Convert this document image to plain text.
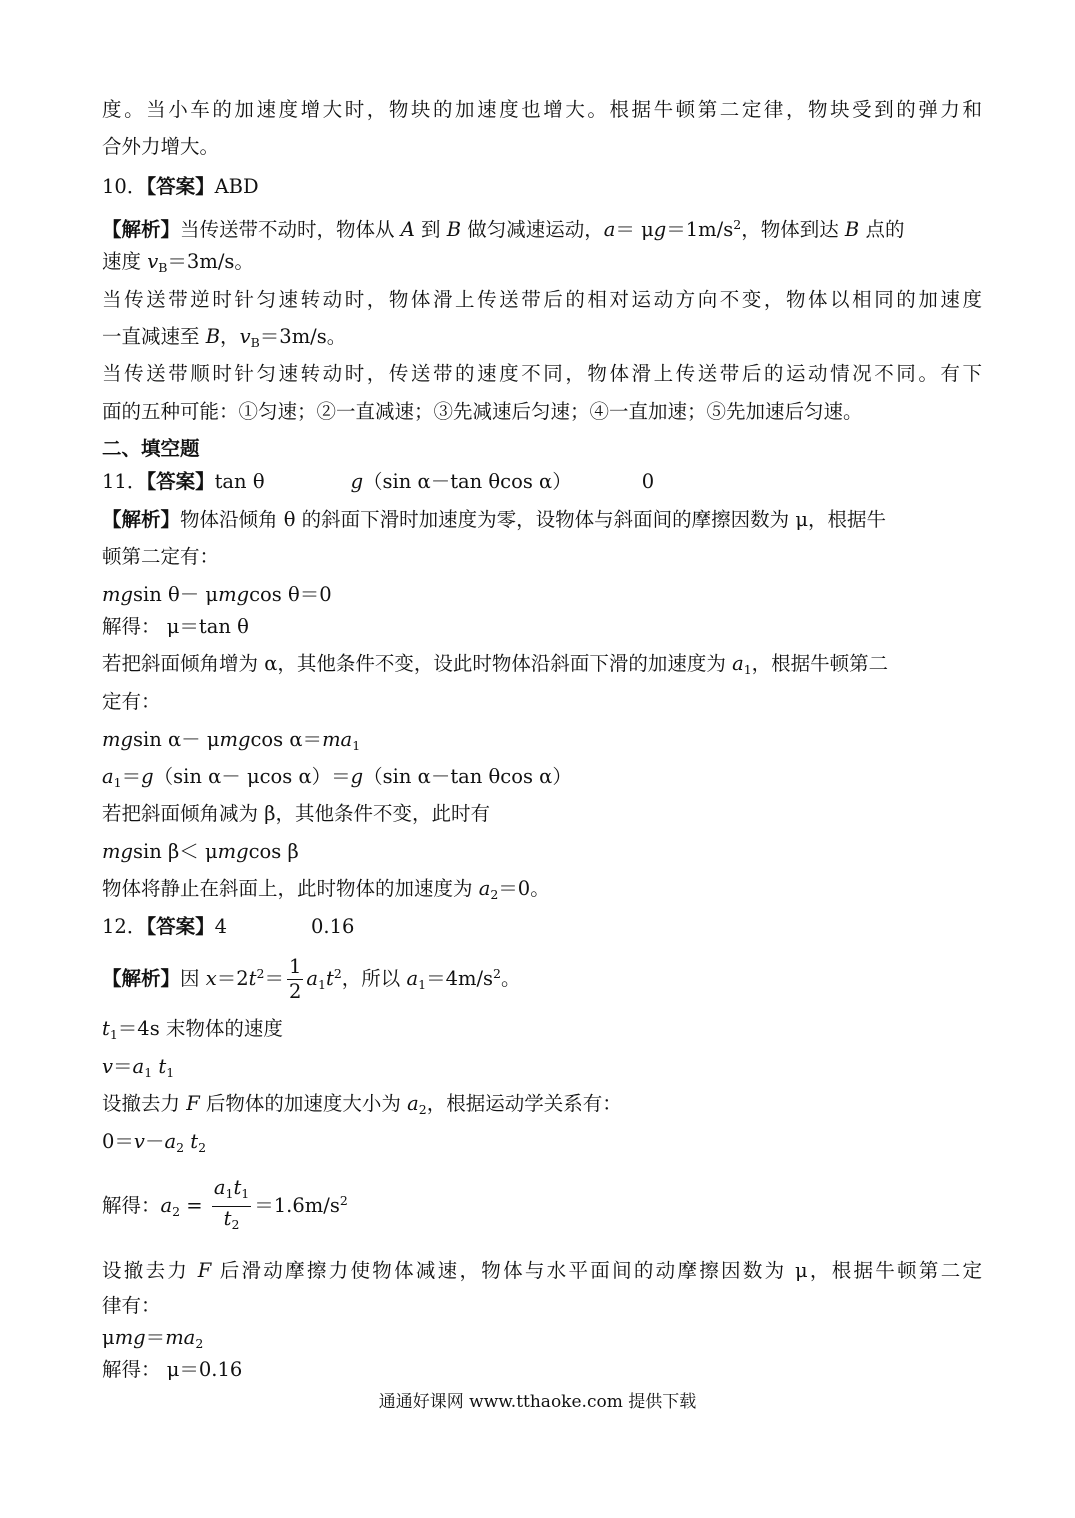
度。当小车的加速度增大时，物块的加速度也增大。根据牛顿第二定律，物块受到的弹力和
合外力增大。
10．【答案】ABD
【解析】当传送带不动时，物体从 A 到 B 做匀减速运动，$a= \mu g=1m/s^2$，物体到达 B 点的
速度 $v_B=3m/s$。
当传送带逆时针匀速转动时，物体滑上传送带后的相对运动方向不变，物体以相同的加速度
一直减速至 B，$v_B=3m/s$。
当传送带顺时针匀速转动时，传送带的速度不同，物体滑上传送带后的运动情况不同。有下
面的五种可能：①匀速；②一直减速；③先减速后匀速；④一直加速；⑤先加速后匀速。
二、填空题
11．【答案】tan θ	g（sin α－tan θcos α）	0
【解析】物体沿倾角 θ 的斜面下滑时加速度为零，设物体与斜面间的摩擦因数为 μ，根据牛
顿第二定有：
mgsin θ－ μmgcos θ＝0
解得： μ＝tan θ
若把斜面倾角增为 α，其他条件不变，设此时物体沿斜面下滑的加速度为 $a_1$，根据牛顿第二
定有：
mgsin α－ μmgcos $\alpha=ma_1$
$a_1=g(\sin$ α－ μcos α）＝g（sin α－tan θcos α）
若把斜面倾角减为 β，其他条件不变，此时有
mgsin β＜ μmgcos β
物体将静止在斜面上，此时物体的加速度为 $a_2=0$。
12．【答案】4	0.16
【解析】因 $x=2t^2= \frac{1}{2} a_1t^2$，所以 $a_1=4m/s^2$。
$t_1=4s$ 末物体的速度
$v=a_1$ $t_1$
设撤去力 F 后物体的加速度大小为 $a_2$，根据运动学关系有：
$0=v-a_2$ $t_2$
解得：$a_2 = \frac{a_1t_1}{t_2} =1.6m/s^2$
设撤去力 F 后滑动摩擦力使物体减速，物体与水平面间的动摩擦因数为 μ，根据牛顿第二定
律有：
$\mu mg=ma_2$
解得： μ＝0.16
通通好课网 www.tthaoke.com 提供下载
